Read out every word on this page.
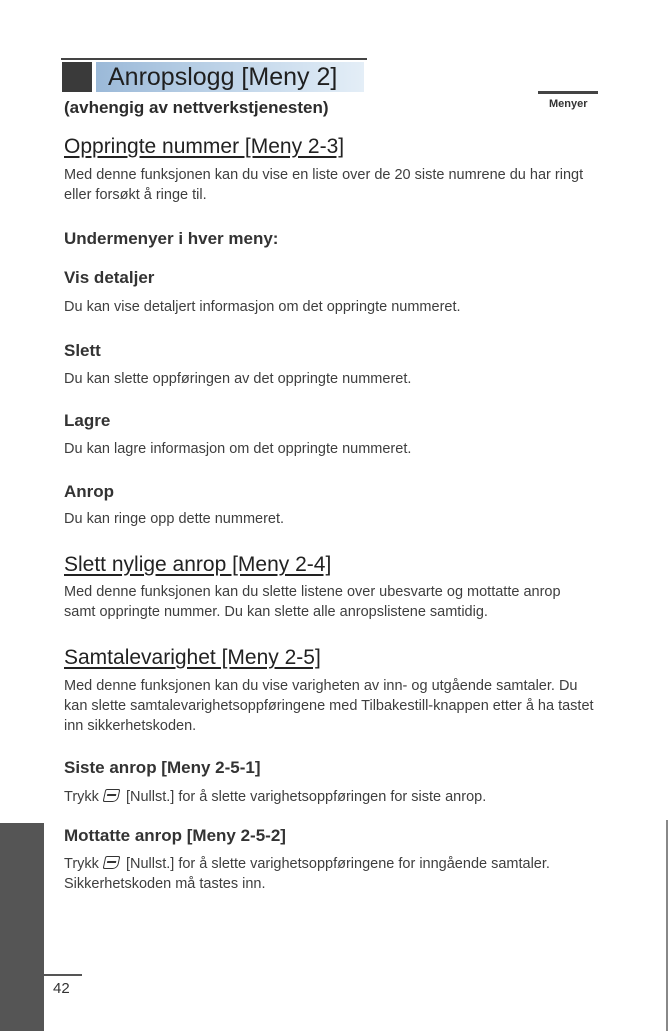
Anropslogg [Meny 2]
Menyer
(avhengig av nettverkstjenesten)
Oppringte nummer [Meny 2-3]

Med denne funksjonen kan du vise en liste over de 20 siste numrene du har ringt eller forsøkt å ringe til.

Undermenyer i hver meny:
Vis detaljer

Du kan vise detaljert informasjon om det oppringte nummeret.

Slett

Du kan slette oppføringen av det oppringte nummeret.

Lagre

Du kan lagre informasjon om det oppringte nummeret.

Anrop

Du kan ringe opp dette nummeret.

Slett nylige anrop [Meny 2-4]

Med denne funksjonen kan du slette listene over ubesvarte og mottatte anrop samt oppringte nummer. Du kan slette alle anropslistene samtidig.

Samtalevarighet [Meny 2-5]

Med denne funksjonen kan du vise varigheten av inn- og utgående samtaler. Du kan slette samtalevarighetsoppføringene med Tilbakestill-knappen etter å ha tastet inn sikkerhetskoden.

Siste anrop [Meny 2-5-1]

Trykk [Nullst.] for å slette varighetsoppføringen for siste anrop.

Mottatte anrop [Meny 2-5-2]

Trykk [Nullst.] for å slette varighetsoppføringene for inngående samtaler. Sikkerhetskoden må tastes inn.

42
